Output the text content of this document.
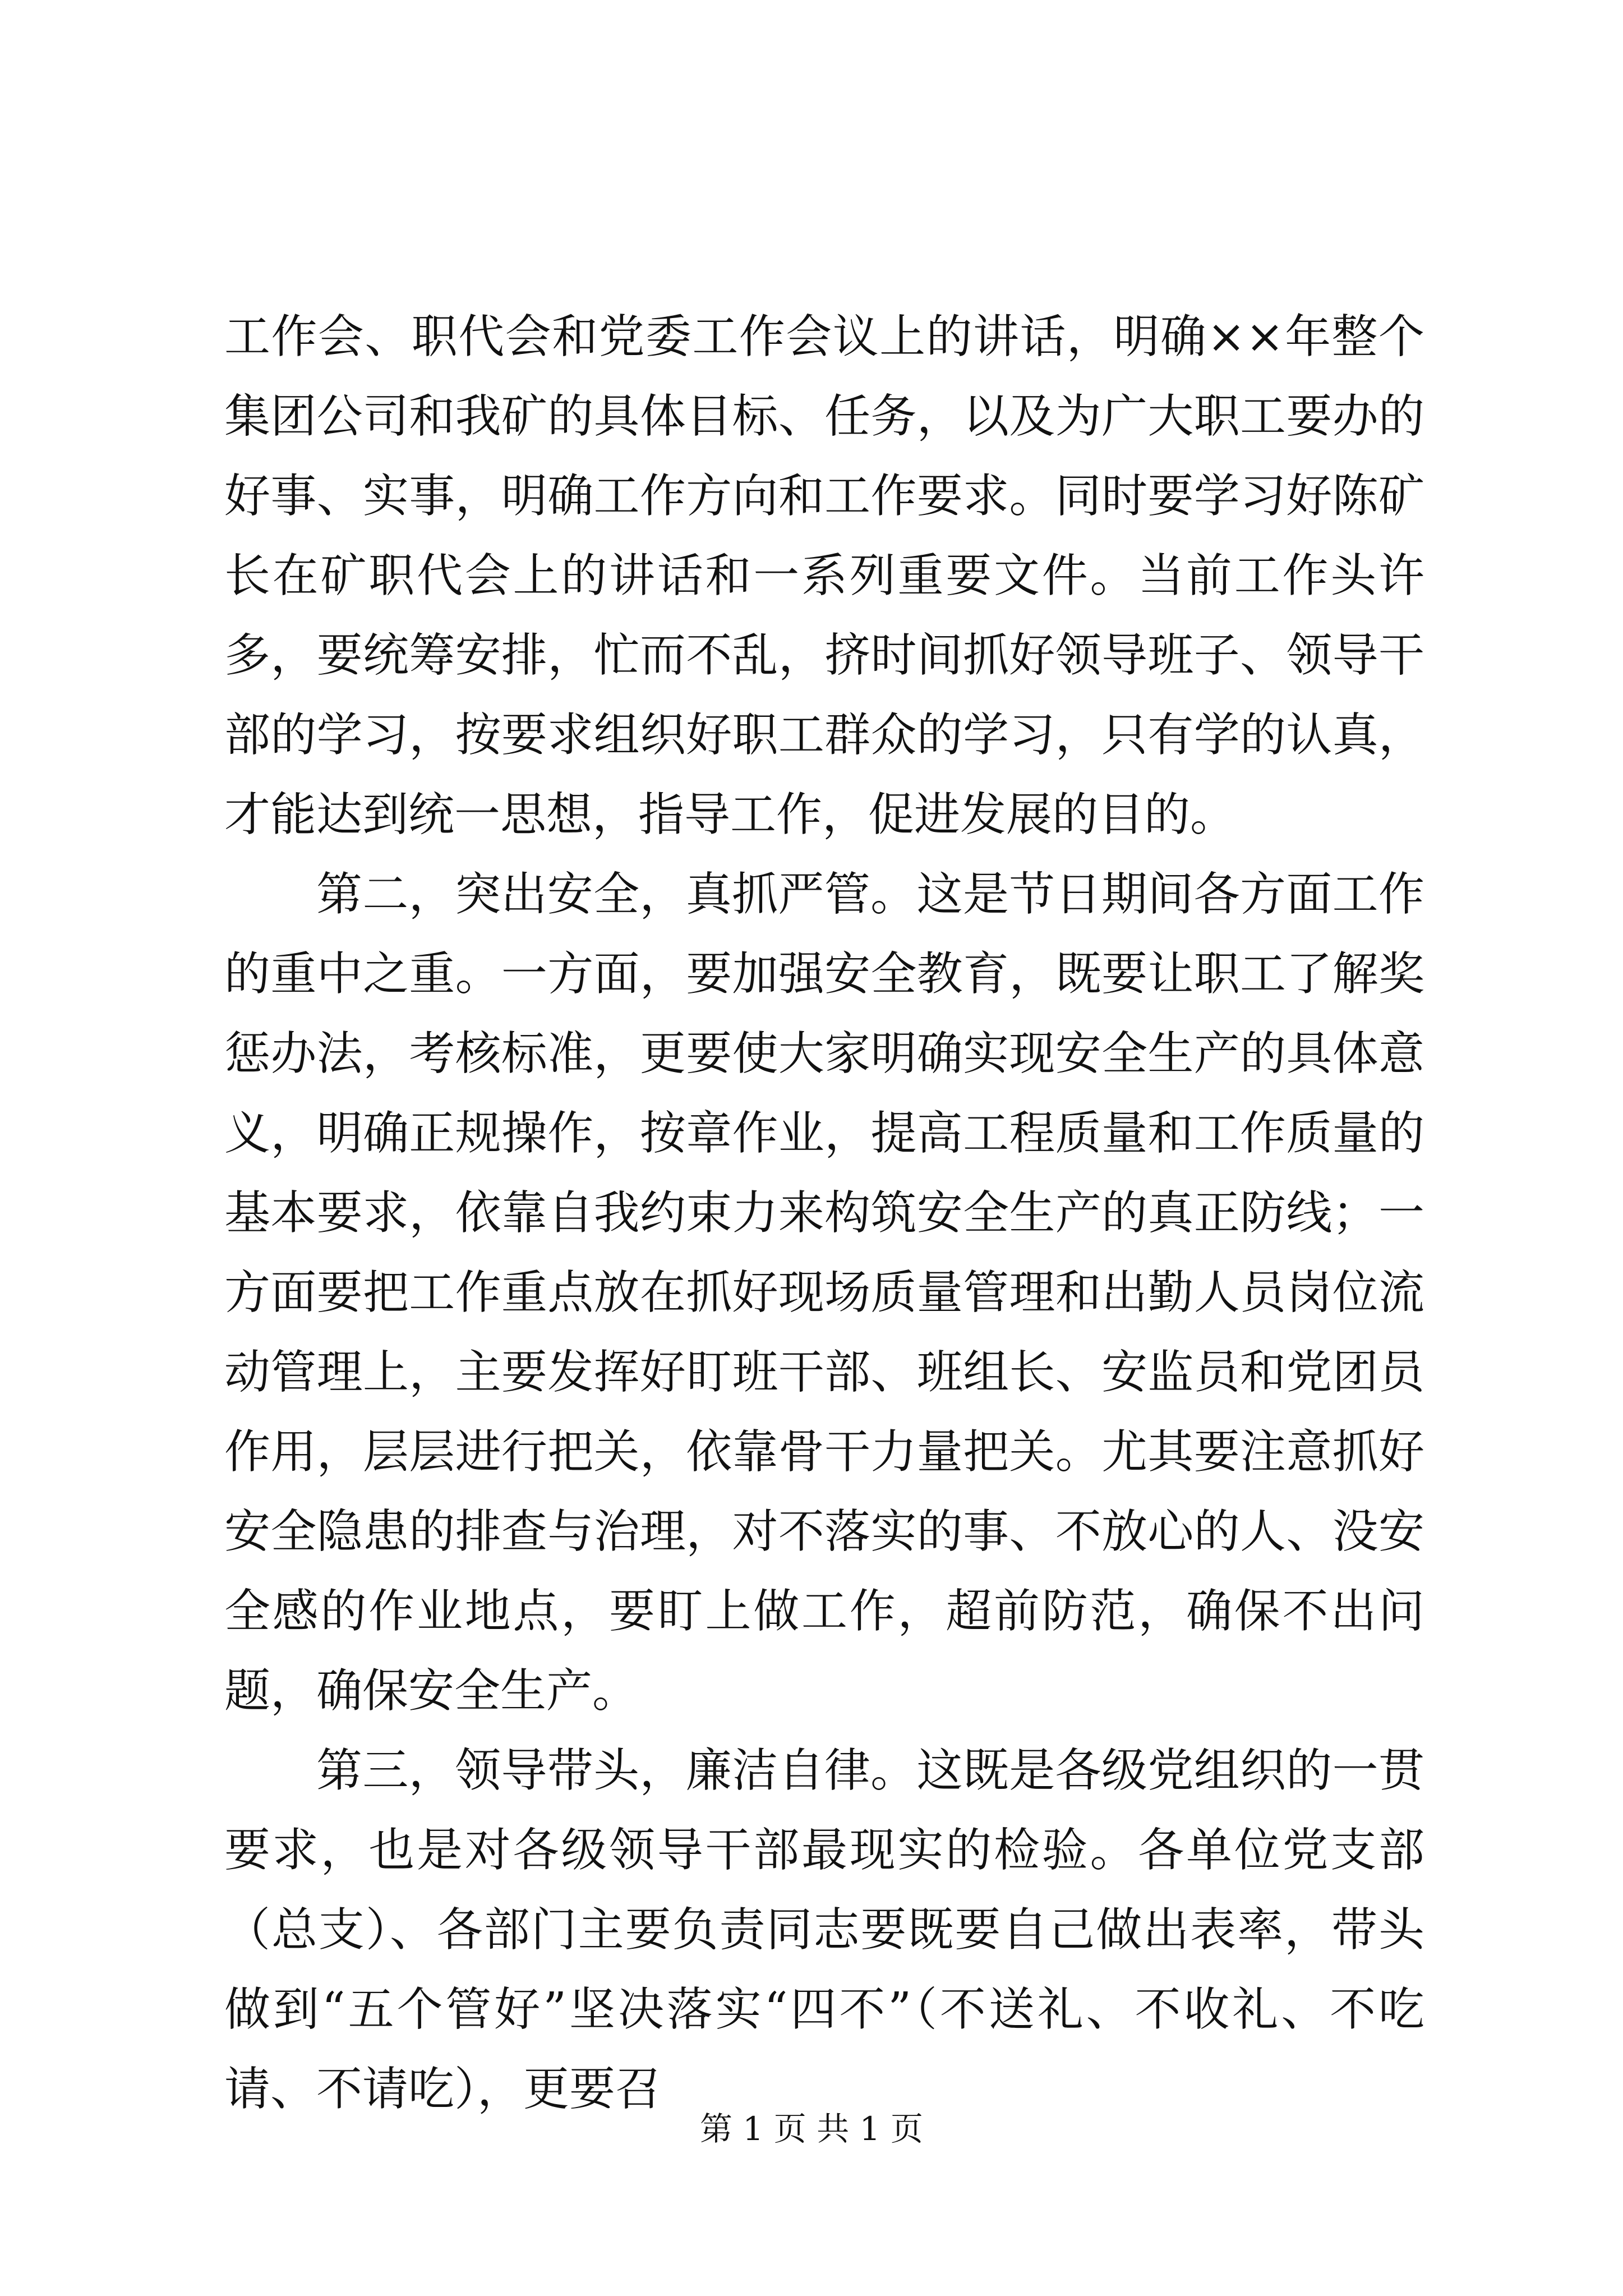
工作会、职代会和党委工作会议上的讲话，明确××年整个集团公司和我矿的具体目标、任务，以及为广大职工要办的好事、实事，明确工作方向和工作要求。同时要学习好陈矿长在矿职代会上的讲话和一系列重要文件。当前工作头许多，要统筹安排，忙而不乱，挤时间抓好领导班子、领导干部的学习，按要求组织好职工群众的学习，只有学的认真，才能达到统一思想，指导工作，促进发展的目的。

第二，突出安全，真抓严管。这是节日期间各方面工作的重中之重。一方面，要加强安全教育，既要让职工了解奖惩办法，考核标准，更要使大家明确实现安全生产的具体意义，明确正规操作，按章作业，提高工程质量和工作质量的基本要求，依靠自我约束力来构筑安全生产的真正防线；一方面要把工作重点放在抓好现场质量管理和出勤人员岗位流动管理上，主要发挥好盯班干部、班组长、安监员和党团员作用，层层进行把关，依靠骨干力量把关。尤其要注意抓好安全隐患的排查与治理，对不落实的事、不放心的人、没安全感的作业地点，要盯上做工作，超前防范，确保不出问题，确保安全生产。

第三，领导带头，廉洁自律。这既是各级党组织的一贯要求，也是对各级领导干部最现实的检验。各单位党支部（总支）、各部门主要负责同志要既要自己做出表率，带头做到“五个管好”坚决落实“四不”（不送礼、不收礼、不吃请、不请吃），更要召

第 1 页 共 1 页
